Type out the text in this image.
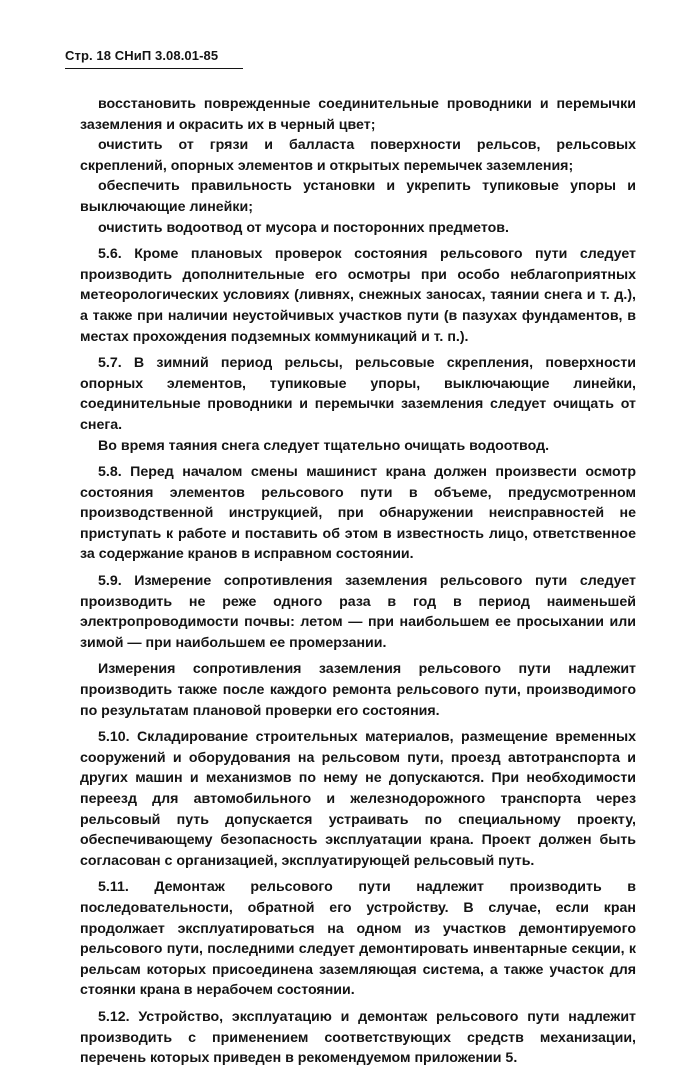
Стр. 18 СНиП 3.08.01-85

восстановить поврежденные соединительные проводники и перемычки заземления и окрасить их в черный цвет;

очистить от грязи и балласта поверхности рельсов, рельсовых скреплений, опорных элементов и открытых перемычек заземления;

обеспечить правильность установки и укрепить тупиковые упоры и выключающие линейки;

очистить водоотвод от мусора и посторонних предметов.

5.6. Кроме плановых проверок состояния рельсового пути следует производить дополнительные его осмотры при особо неблагоприятных метеорологических условиях (ливнях, снежных заносах, таянии снега и т. д.), а также при наличии неустойчивых участков пути (в пазухах фундаментов, в местах прохождения подземных коммуникаций и т. п.).

5.7. В зимний период рельсы, рельсовые скрепления, поверхности опорных элементов, тупиковые упоры, выключающие линейки, соединительные проводники и перемычки заземления следует очищать от снега.

Во время таяния снега следует тщательно очищать водоотвод.

5.8. Перед началом смены машинист крана должен произвести осмотр состояния элементов рельсового пути в объеме, предусмотренном производственной инструкцией, при обнаружении неисправностей не приступать к работе и поставить об этом в известность лицо, ответственное за содержание кранов в исправном состоянии.

5.9. Измерение сопротивления заземления рельсового пути следует производить не реже одного раза в год в период наименьшей электропроводимости почвы: летом — при наибольшем ее просыхании или зимой — при наибольшем ее промерзании.

Измерения сопротивления заземления рельсового пути надлежит производить также после каждого ремонта рельсового пути, производимого по результатам плановой проверки его состояния.

5.10. Складирование строительных материалов, размещение временных сооружений и оборудования на рельсовом пути, проезд автотранспорта и других машин и механизмов по нему не допускаются. При необходимости переезд для автомобильного и железнодорожного транспорта через рельсовый путь допускается устраивать по специальному проекту, обеспечивающему безопасность эксплуатации крана. Проект должен быть согласован с организацией, эксплуатирующей рельсовый путь.

5.11. Демонтаж рельсового пути надлежит производить в последовательности, обратной его устройству. В случае, если кран продолжает эксплуатироваться на одном из участков демонтируемого рельсового пути, последними следует демонтировать инвентарные секции, к рельсам которых присоединена заземляющая система, а также участок для стоянки крана в нерабочем состоянии.

5.12. Устройство, эксплуатацию и демонтаж рельсового пути надлежит производить с применением соответствующих средств механизации, перечень которых приведен в рекомендуемом приложении 5.
